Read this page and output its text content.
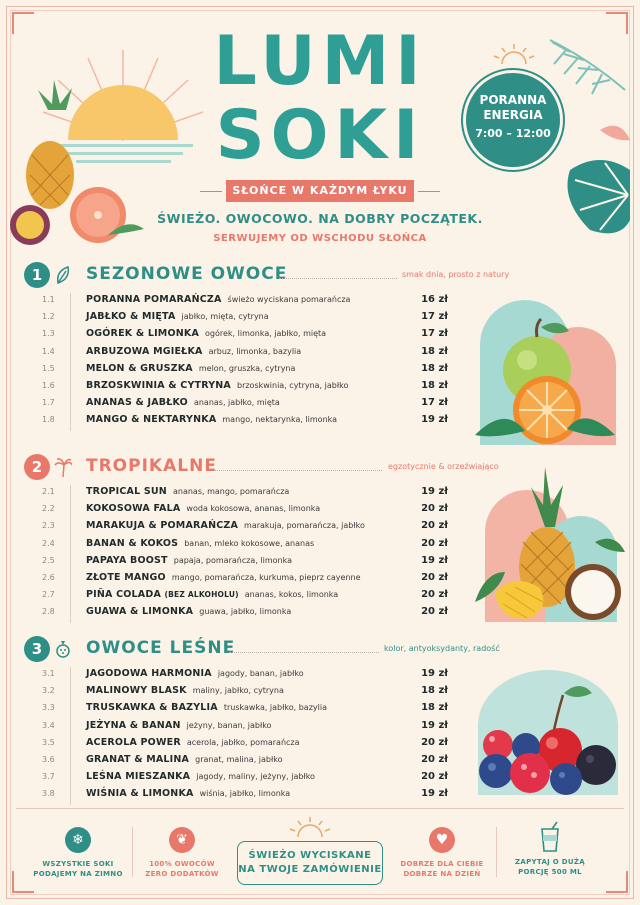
LUMI
SOKI
SŁOŃCE W KAŻDYM ŁYKU
ŚWIEŻO. OWOCOWO. NA DOBRY POCZĄTEK.
SERWUJEMY OD WSCHODU SŁOŃCA
PORANNA
ENERGIA
7:00 – 12:00
1	SEZONOWE OWOCE	smak dnia, prosto z natury
1.1	PORANNA POMARAŃCZA świeżo wyciskana pomarańcza	16 zł
1.2	JABŁKO & MIĘTA jabłko, mięta, cytryna	17 zł
1.3	OGÓREK & LIMONKA ogórek, limonka, jabłko, mięta	17 zł
1.4	ARBUZOWA MGIEŁKA arbuz, limonka, bazylia	18 zł
1.5	MELON & GRUSZKA melon, gruszka, cytryna	18 zł
1.6	BRZOSKWINIA & CYTRYNA brzoskwinia, cytryna, jabłko	18 zł
1.7	ANANAS & JABŁKO ananas, jabłko, mięta	17 zł
1.8	MANGO & NEKTARYNKA mango, nektarynka, limonka	19 zł
2	TROPIKALNE	egzotycznie & orzeźwiająco
2.1	TROPICAL SUN ananas, mango, pomarańcza	19 zł
2.2	KOKOSOWA FALA woda kokosowa, ananas, limonka	20 zł
2.3	MARAKUJA & POMARAŃCZA marakuja, pomarańcza, jabłko	20 zł
2.4	BANAN & KOKOS banan, mleko kokosowe, ananas	20 zł
2.5	PAPAYA BOOST papaja, pomarańcza, limonka	19 zł
2.6	ZŁOTE MANGO mango, pomarańcza, kurkuma, pieprz cayenne	20 zł
2.7	PIÑA COLADA (BEZ ALKOHOLU) ananas, kokos, limonka	20 zł
2.8	GUAWA & LIMONKA guawa, jabłko, limonka	20 zł
3	OWOCE LEŚNE	kolor, antyoksydanty, radość
3.1	JAGODOWA HARMONIA jagody, banan, jabłko	19 zł
3.2	MALINOWY BLASK maliny, jabłko, cytryna	18 zł
3.3	TRUSKAWKA & BAZYLIA truskawka, jabłko, bazylia	18 zł
3.4	JEŻYNA & BANAN jeżyny, banan, jabłko	19 zł
3.5	ACEROLA POWER acerola, jabłko, pomarańcza	20 zł
3.6	GRANAT & MALINA granat, malina, jabłko	20 zł
3.7	LEŚNA MIESZANKA jagody, maliny, jeżyny, jabłko	20 zł
3.8	WIŚNIA & LIMONKA wiśnia, jabłko, limonka	19 zł
❄
WSZYSTKIE SOKI
PODAJEMY NA ZIMNO
❦
100% OWOCÓW
ZERO DODATKÓW
ŚWIEŻO WYCISKANE
NA TWOJE ZAMÓWIENIE
♥
DOBRZE DLA CIEBIE
DOBRZE NA DZIEŃ
ZAPYTAJ O DUŻĄ
PORCJĘ 500 ML
